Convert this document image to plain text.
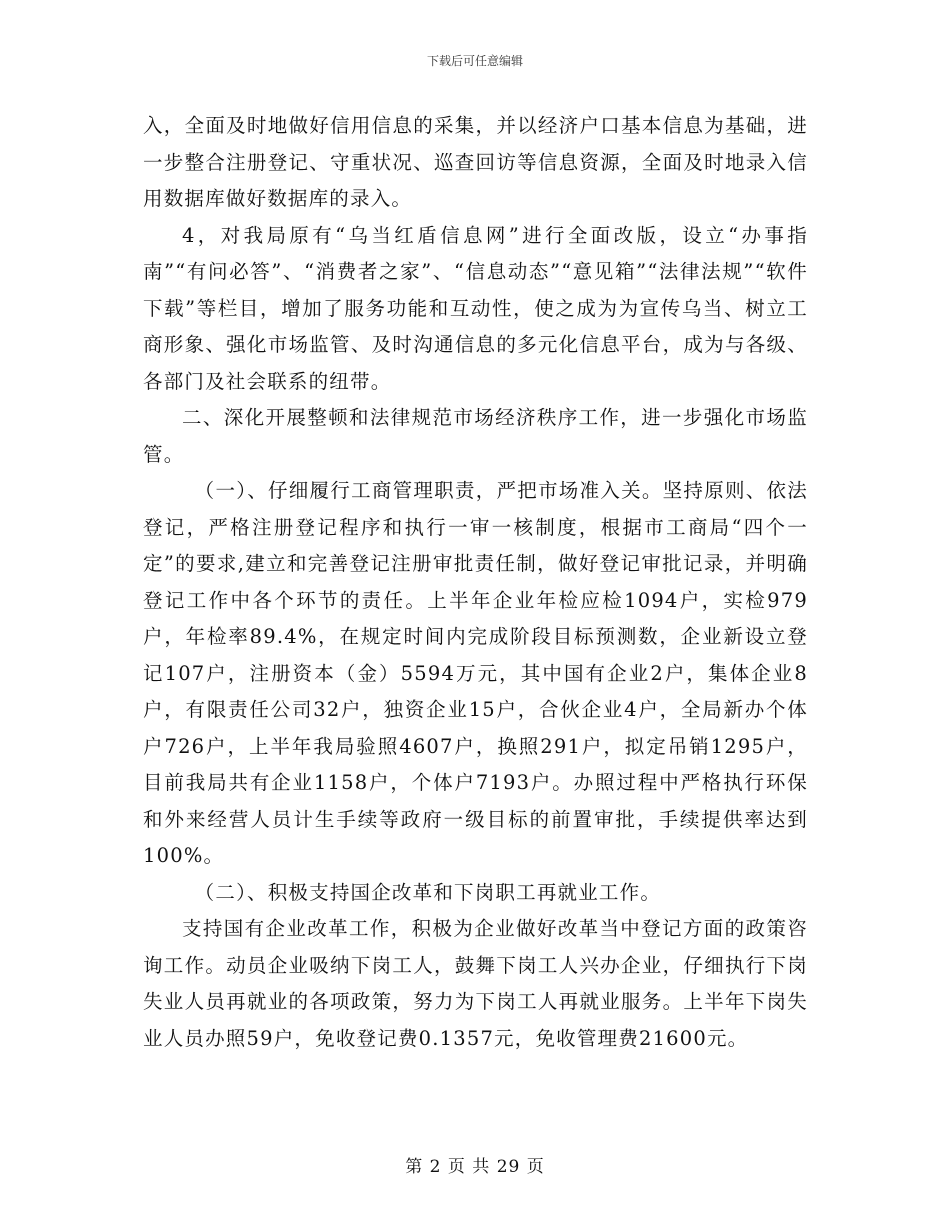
下载后可任意编辑

入，全面及时地做好信用信息的采集，并以经济户口基本信息为基础，进一步整合注册登记、守重状况、巡查回访等信息资源，全面及时地录入信用数据库做好数据库的录入。

4，对我局原有“乌当红盾信息网”进行全面改版，设立“办事指南”“有问必答”、“消费者之家”、“信息动态”“意见箱”“法律法规”“软件下载”等栏目，增加了服务功能和互动性，使之成为为宣传乌当、树立工商形象、强化市场监管、及时沟通信息的多元化信息平台，成为与各级、各部门及社会联系的纽带。

二、深化开展整顿和法律规范市场经济秩序工作，进一步强化市场监管。

（一）、仔细履行工商管理职责，严把市场准入关。坚持原则、依法登记，严格注册登记程序和执行一审一核制度，根据市工商局“四个一定”的要求,建立和完善登记注册审批责任制，做好登记审批记录，并明确登记工作中各个环节的责任。上半年企业年检应检1094户，实检979户，年检率89.4%，在规定时间内完成阶段目标预测数，企业新设立登记107户，注册资本（金）5594万元，其中国有企业2户，集体企业8户，有限责任公司32户，独资企业15户，合伙企业4户，全局新办个体户726户，上半年我局验照4607户，换照291户，拟定吊销1295户，目前我局共有企业1158户，个体户7193户。办照过程中严格执行环保和外来经营人员计生手续等政府一级目标的前置审批，手续提供率达到100%。

（二）、积极支持国企改革和下岗职工再就业工作。

支持国有企业改革工作，积极为企业做好改革当中登记方面的政策咨询工作。动员企业吸纳下岗工人，鼓舞下岗工人兴办企业，仔细执行下岗失业人员再就业的各项政策，努力为下岗工人再就业服务。上半年下岗失业人员办照59户，免收登记费0.1357元，免收管理费21600元。

第 2 页 共 29 页
